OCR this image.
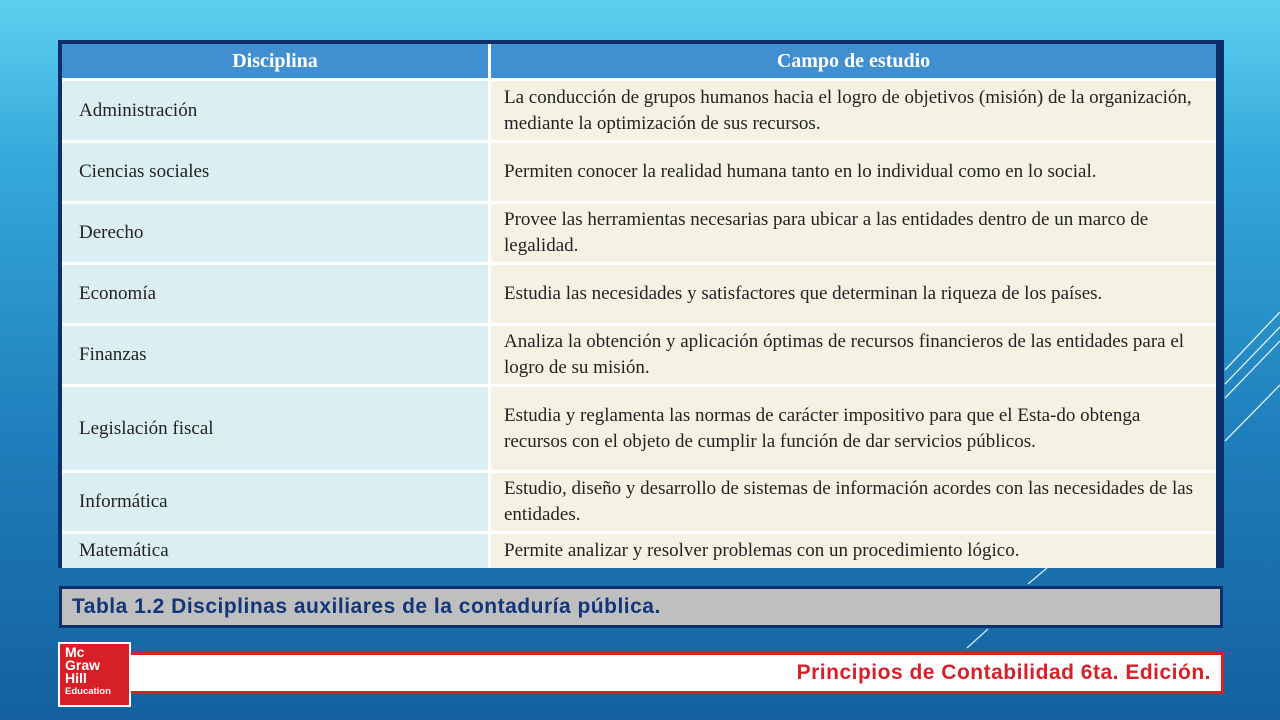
Disciplina	Campo de estudio
Administración	La conducción de grupos humanos hacia el logro de objetivos (misión) de la organización, mediante la optimización de sus recursos.
Ciencias sociales	Permiten conocer la realidad humana tanto en lo individual como en lo social.
Derecho	Provee las herramientas necesarias para ubicar a las entidades dentro de un marco de legalidad.
Economía	Estudia las necesidades y satisfactores que determinan la riqueza de los países.
Finanzas	Analiza la obtención y aplicación óptimas de recursos financieros de las entidades para el logro de su misión.
Legislación fiscal	Estudia y reglamenta las normas de carácter impositivo para que el Esta-do obtenga recursos con el objeto de cumplir la función de dar servicios públicos.
Informática	Estudio, diseño y desarrollo de sistemas de información acordes con las necesidades de las entidades.
Matemática	Permite analizar y resolver problemas con un procedimiento lógico.
Tabla 1.2 Disciplinas auxiliares de la contaduría pública.
Principios de Contabilidad 6ta. Edición.
Mc
Graw
Hill
Education
